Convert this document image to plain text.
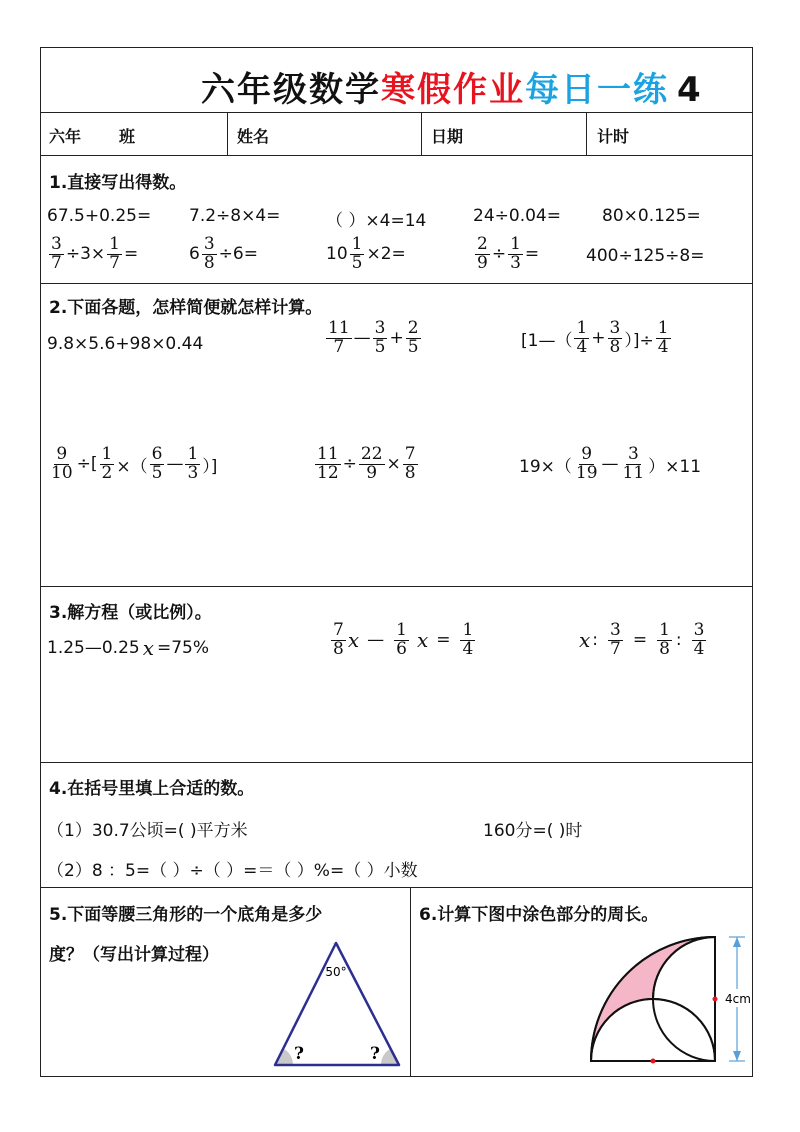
六年级数学寒假作业每日一练 4
六年 班	姓名	日期	计时
1.直接写出得数。
67.5+0.25= 7.2÷8×4=	（ ）×4=14	24÷0.04= 80×0.125=
$\frac{3}{7} \div 3\times \frac{1}{7}$ =	$6 \frac{3}{8} \div 6=$	$10 \frac{1}{5} \times 2=$	$\frac{2}{9} \div \frac{1}{3}$ =	400÷125÷8=
2.下面各题，怎样简便就怎样计算。
9.8×5.6+98×0.44	$\frac{11}{7}$ — $\frac{3}{5} + \frac{2}{5}$	[1—（ $\frac{1}{4} + \frac{3}{8}$ ）]÷ $\frac{1}{4}$
$\frac{9}{10}$ ÷[ $\frac{1}{2}$ ×（ $\frac{6}{5}$ — $\frac{1}{3}$ ）]	$\frac{11}{12} \div \frac{22}{9} \times \frac{7}{8}$	$19\times( \frac{9}{19}$ — $\frac{3}{11} )\times 11$
3.解方程（或比例）。
1.25—0.25 x =75%	$\frac{7}{8}$ x — $\frac{1}{6}$ $x = \frac{1}{4}$	x : $\frac{3}{7} = \frac{1}{8}$ : $\frac{3}{4}$
4.在括号里填上合适的数。
（1）30.7公顷=( )平方米	160分=( )时
（2）8 ：5=（ ）÷（ ）=＝（ ）%=（ ）小数
5.下面等腰三角形的一个底角是多少
度？（写出计算过程）
50°
?	?
6.计算下图中涂色部分的周长。
4cm
